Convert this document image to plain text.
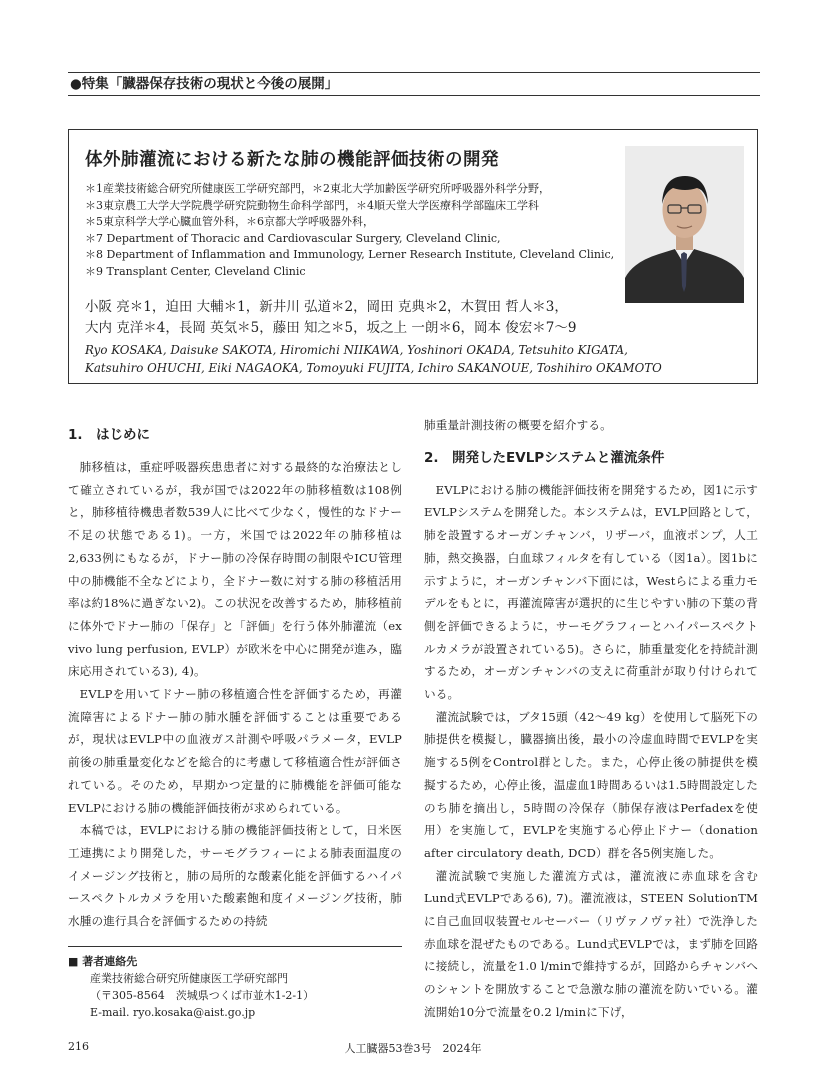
●特集「臓器保存技術の現状と今後の展開」
体外肺灌流における新たな肺の機能評価技術の開発
＊1産業技術総合研究所健康医工学研究部門，＊2東北大学加齢医学研究所呼吸器外科学分野，
＊3東京農工大学大学院農学研究院動物生命科学部門，＊4順天堂大学医療科学部臨床工学科
＊5東京科学大学心臓血管外科，＊6京都大学呼吸器外科，
＊7 Department of Thoracic and Cardiovascular Surgery, Cleveland Clinic,
＊8 Department of Inflammation and Immunology, Lerner Research Institute, Cleveland Clinic,
＊9 Transplant Center, Cleveland Clinic
小阪 亮＊1，迫田 大輔＊1，新井川 弘道＊2，岡田 克典＊2，木賀田 哲人＊3，
大内 克洋＊4，長岡 英気＊5，藤田 知之＊5，坂之上 一朗＊6，岡本 俊宏＊7～9
Ryo KOSAKA, Daisuke SAKOTA, Hiromichi NIIKAWA, Yoshinori OKADA, Tetsuhito KIGATA,
Katsuhiro OHUCHI, Eiki NAGAOKA, Tomoyuki FUJITA, Ichiro SAKANOUE, Toshihiro OKAMOTO
1.　はじめに

肺移植は，重症呼吸器疾患患者に対する最終的な治療法として確立されているが，我が国では2022年の肺移植数は108例と，肺移植待機患者数539人に比べて少なく，慢性的なドナー不足の状態である1)。一方，米国では2022年の肺移植は2,633例にもなるが，ドナー肺の冷保存時間の制限やICU管理中の肺機能不全などにより，全ドナー数に対する肺の移植活用率は約18%に過ぎない2)。この状況を改善するため，肺移植前に体外でドナー肺の「保存」と「評価」を行う体外肺灌流（ex vivo lung perfusion, EVLP）が欧米を中心に開発が進み，臨床応用されている3), 4)。

EVLPを用いてドナー肺の移植適合性を評価するため，再灌流障害によるドナー肺の肺水腫を評価することは重要であるが，現状はEVLP中の血液ガス計測や呼吸パラメータ，EVLP前後の肺重量変化などを総合的に考慮して移植適合性が評価されている。そのため，早期かつ定量的に肺機能を評価可能なEVLPにおける肺の機能評価技術が求められている。

本稿では，EVLPにおける肺の機能評価技術として，日米医工連携により開発した，サーモグラフィーによる肺表面温度のイメージング技術と，肺の局所的な酸素化能を評価するハイパースペクトルカメラを用いた酸素飽和度イメージング技術，肺水腫の進行具合を評価するための持続

肺重量計測技術の概要を紹介する。

2.　開発したEVLPシステムと灌流条件

EVLPにおける肺の機能評価技術を開発するため，図1に示すEVLPシステムを開発した。本システムは，EVLP回路として，肺を設置するオーガンチャンバ，リザーバ，血液ポンプ，人工肺，熱交換器，白血球フィルタを有している（図1a）。図1bに示すように，オーガンチャンバ下面には，Westらによる重力モデルをもとに，再灌流障害が選択的に生じやすい肺の下葉の背側を評価できるように，サーモグラフィーとハイパースペクトルカメラが設置されている5)。さらに，肺重量変化を持続計測するため，オーガンチャンバの支えに荷重計が取り付けられている。

灌流試験では，ブタ15頭（42～49 kg）を使用して脳死下の肺提供を模擬し，臓器摘出後，最小の冷虚血時間でEVLPを実施する5例をControl群とした。また，心停止後の肺提供を模擬するため，心停止後，温虚血1時間あるいは1.5時間設定したのち肺を摘出し，5時間の冷保存（肺保存液はPerfadexを使用）を実施して，EVLPを実施する心停止ドナー（donation after circulatory death, DCD）群を各5例実施した。

灌流試験で実施した灌流方式は，灌流液に赤血球を含むLund式EVLPである6), 7)。灌流液は，STEEN SolutionTMに自己血回収装置セルセーバー（リヴァノヴァ社）で洗浄した赤血球を混ぜたものである。Lund式EVLPでは，まず肺を回路に接続し，流量を1.0 l/minで維持するが，回路からチャンバへのシャントを開放することで急激な肺の灌流を防いでいる。灌流開始10分で流量を0.2 l/minに下げ，

■ 著者連絡先
産業技術総合研究所健康医工学研究部門
（〒305-8564　茨城県つくば市並木1-2-1）
E-mail. ryo.kosaka@aist.go.jp
216	人工臓器53巻3号　2024年
